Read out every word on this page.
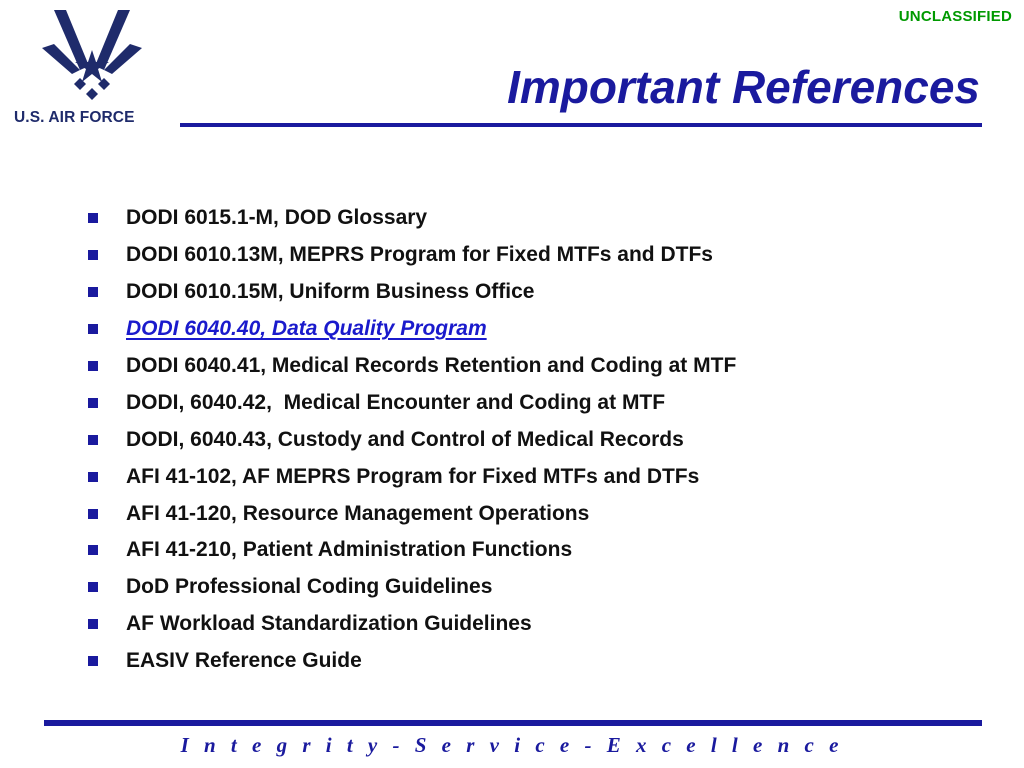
UNCLASSIFIED
U.S. AIR FORCE
Important References
DODI 6015.1-M, DOD Glossary
DODI 6010.13M, MEPRS Program for Fixed MTFs and DTFs
DODI 6010.15M, Uniform Business Office
DODI 6040.40, Data Quality Program
DODI 6040.41, Medical Records Retention and Coding at MTF
DODI, 6040.42,  Medical Encounter and Coding at MTF
DODI, 6040.43, Custody and Control of Medical Records
AFI 41-102, AF MEPRS Program for Fixed MTFs and DTFs
AFI 41-120, Resource Management Operations
AFI 41-210, Patient Administration Functions
DoD Professional Coding Guidelines
AF Workload Standardization Guidelines
EASIV Reference Guide
I n t e g r i t y - S e r v i c e - E x c e l l e n c e
